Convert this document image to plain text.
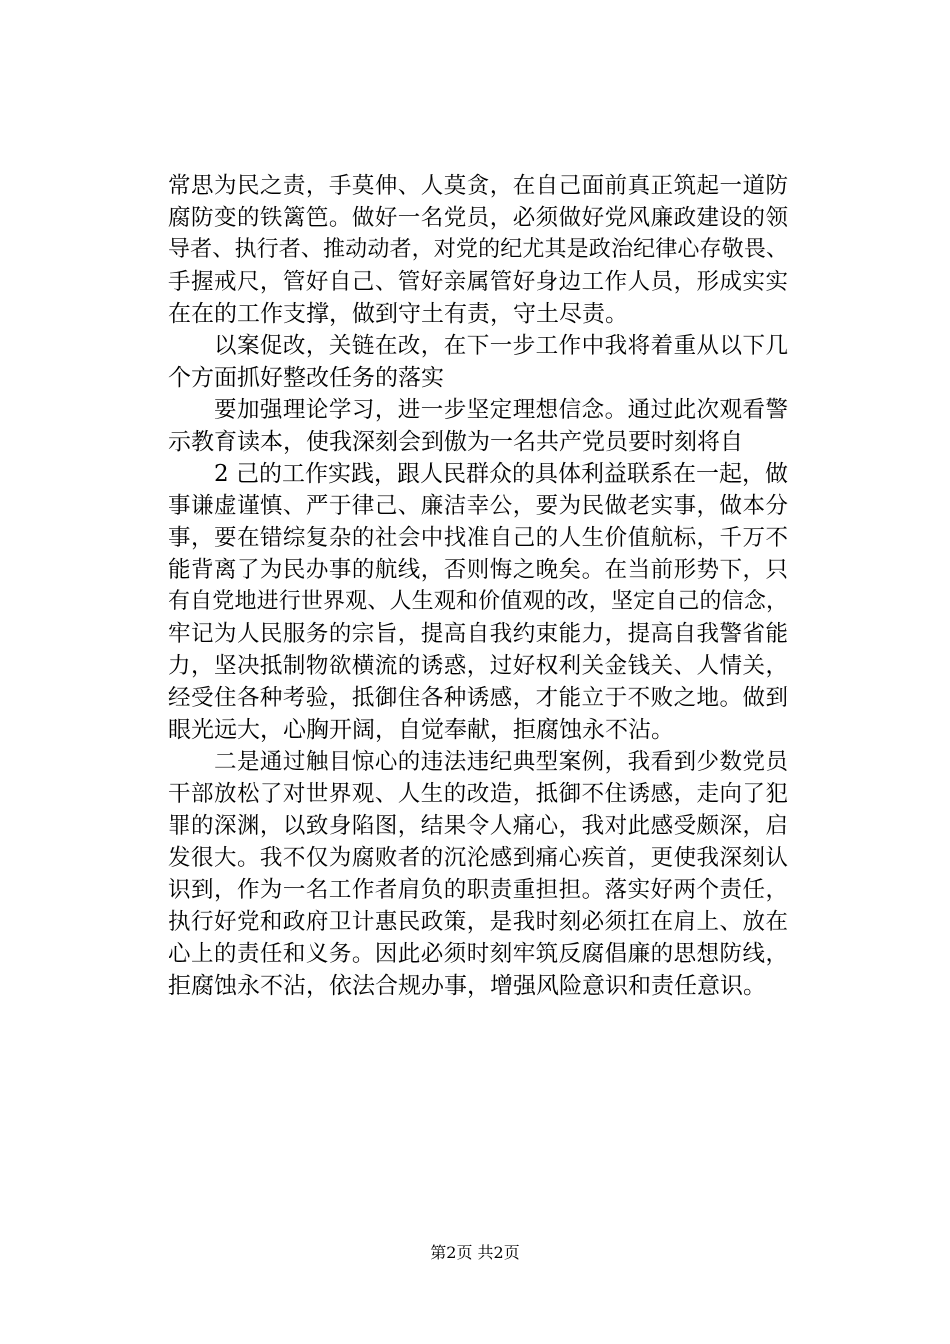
常思为民之责，手莫伸、人莫贪，在自己面前真正筑起一道防
腐防变的铁篱笆。做好一名党员，必须做好党风廉政建设的领
导者、执行者、推动动者，对党的纪尤其是政治纪律心存敬畏、
手握戒尺，管好自己、管好亲属管好身边工作人员，形成实实
在在的工作支撑，做到守土有责，守土尽责。
　　以案促改，关链在改，在下一步工作中我将着重从以下几
个方面抓好整改任务的落实
　　要加强理论学习，进一步坚定理想信念。通过此次观看警
示教育读本，使我深刻会到傲为一名共产党员要时刻将自
　　2 己的工作实践，跟人民群众的具体利益联系在一起，做
事谦虚谨慎、严于律己、廉洁幸公，要为民做老实事，做本分
事，要在错综复杂的社会中找准自己的人生价值航标，千万不
能背离了为民办事的航线，否则悔之晚矣。在当前形势下，只
有自党地进行世界观、人生观和价值观的改，坚定自己的信念，
牢记为人民服务的宗旨，提高自我约束能力，提高自我警省能
力，坚决抵制物欲横流的诱惑，过好权利关金钱关、人情关，
经受住各种考验，抵御住各种诱感，才能立于不败之地。做到
眼光远大，心胸开阔，自觉奉献，拒腐蚀永不沾。
　　二是通过触目惊心的违法违纪典型案例，我看到少数党员
干部放松了对世界观、人生的改造，抵御不住诱感，走向了犯
罪的深渊，以致身陷图，结果令人痛心，我对此感受颇深，启
发很大。我不仅为腐败者的沉沦感到痛心疾首，更使我深刻认
识到，作为一名工作者肩负的职责重担担。落实好两个责任，
执行好党和政府卫计惠民政策，是我时刻必须扛在肩上、放在
心上的责任和义务。因此必须时刻牢筑反腐倡廉的思想防线，
拒腐蚀永不沾，依法合规办事，增强风险意识和责任意识。
第2页 共2页
